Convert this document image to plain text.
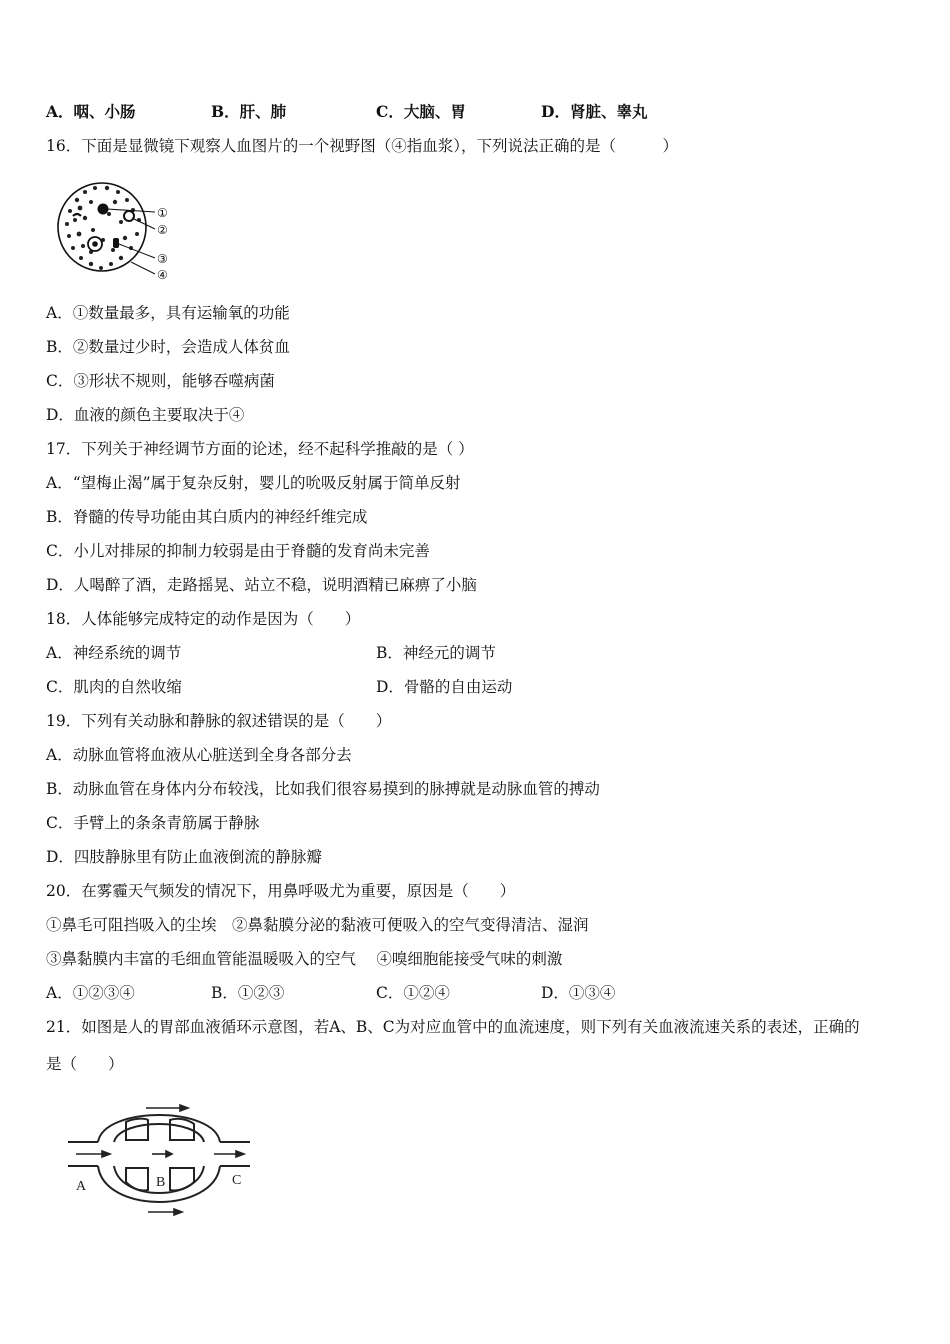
A．咽、小肠	B．肝、肺	C．大脑、胃	D．肾脏、睾丸
16．下面是显微镜下观察人血图片的一个视野图（④指血浆），下列说法正确的是（　　　）
①
②
③
④
A．①数量最多，具有运输氧的功能
B．②数量过少时，会造成人体贫血
C．③形状不规则，能够吞噬病菌
D．血液的颜色主要取决于④
17．下列关于神经调节方面的论述，经不起科学推敲的是（ ）
A．“望梅止渴”属于复杂反射，婴儿的吮吸反射属于简单反射
B．脊髓的传导功能由其白质内的神经纤维完成
C．小儿对排尿的抑制力较弱是由于脊髓的发育尚未完善
D．人喝醉了酒，走路摇晃、站立不稳，说明酒精已麻痹了小脑
18．人体能够完成特定的动作是因为（　　）
A．神经系统的调节	B．神经元的调节
C．肌肉的自然收缩	D．骨骼的自由运动
19．下列有关动脉和静脉的叙述错误的是（　　）
A．动脉血管将血液从心脏送到全身各部分去
B．动脉血管在身体内分布较浅，比如我们很容易摸到的脉搏就是动脉血管的搏动
C．手臂上的条条青筋属于静脉
D．四肢静脉里有防止血液倒流的静脉瓣
20．在雾霾天气频发的情况下，用鼻呼吸尤为重要，原因是（　　）
①鼻毛可阻挡吸入的尘埃　②鼻黏膜分泌的黏液可便吸入的空气变得清洁、湿润
③鼻黏膜内丰富的毛细血管能温暖吸入的空气　 ④嗅细胞能接受气味的刺激
A．①②③④	B．①②③	C．①②④	D．①③④
21．如图是人的胃部血液循环示意图，若A、B、C为对应血管中的血流速度，则下列有关血液流速关系的表述，正确的
是（　　）
A	B	C
